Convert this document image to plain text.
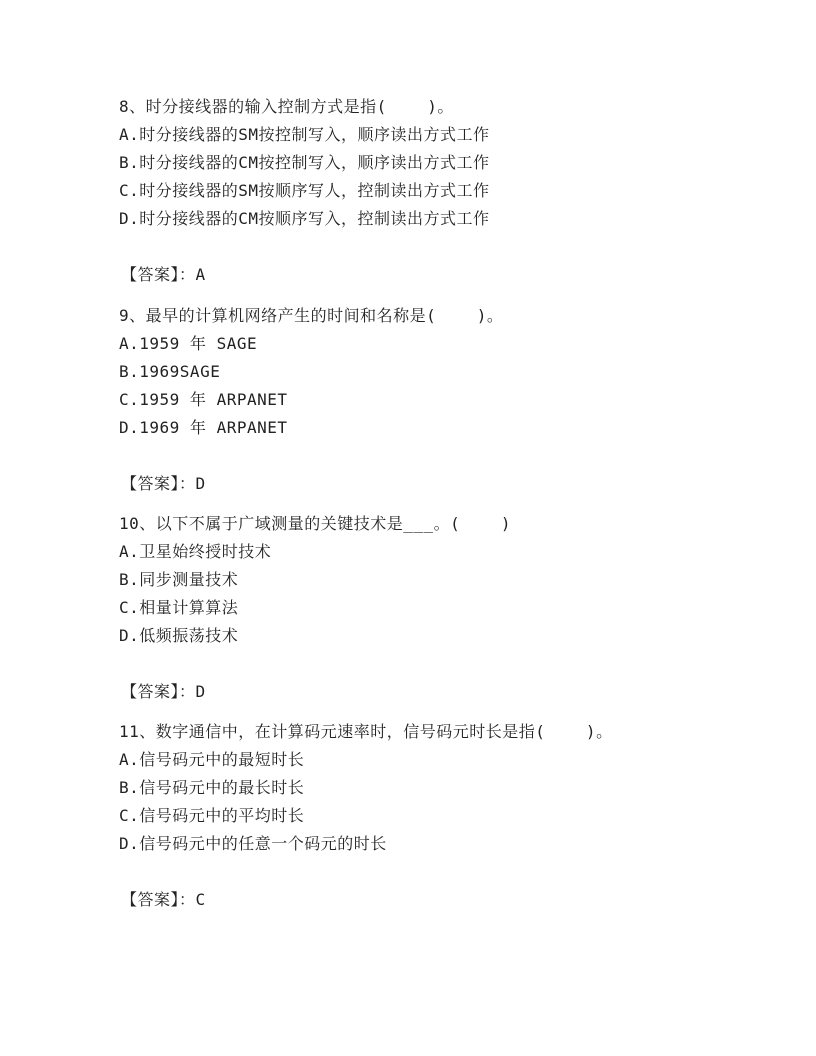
8、时分接线器的输入控制方式是指(    )。
A.时分接线器的SM按控制写入，顺序读出方式工作
B.时分接线器的CM按控制写入，顺序读出方式工作
C.时分接线器的SM按顺序写人，控制读出方式工作
D.时分接线器的CM按顺序写入，控制读出方式工作
【答案】：A
9、最早的计算机网络产生的时间和名称是(    )。
A.1959 年 SAGE
B.1969SAGE
C.1959 年 ARPANET
D.1969 年 ARPANET
【答案】：D
10、以下不属于广域测量的关键技术是___。(    )
A.卫星始终授时技术
B.同步测量技术
C.相量计算算法
D.低频振荡技术
【答案】：D
11、数字通信中，在计算码元速率时，信号码元时长是指(    )。
A.信号码元中的最短时长
B.信号码元中的最长时长
C.信号码元中的平均时长
D.信号码元中的任意一个码元的时长
【答案】：C
